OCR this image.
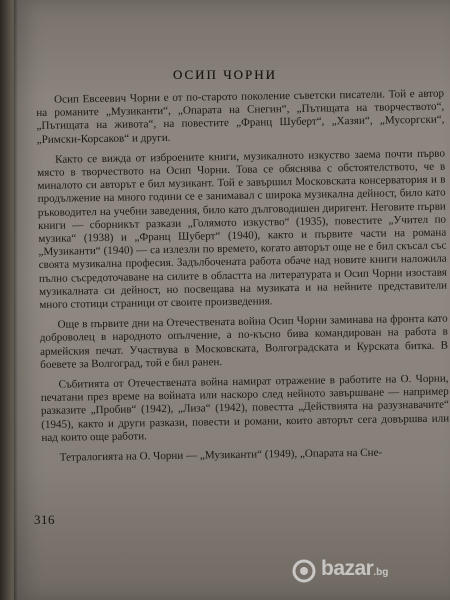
ОСИП ЧОРНИ

Осип Евсеевич Чорни е от по-старото поколение съветски писатели. Той е автор на романите „Музиканти“, „Опарата на Снегин“, „Пътищата на творчеството“, „Пътищата на живота“, на повестите „Франц Шуберт“, „Хазяи“, „Мусоргски“, „Римски-Корсаков“ и други.

Както се вижда от изброените книги, музикалното изкуство заема почти първо място в творчеството на Осип Чорни. Това се обяснява с обстоятелството, че в миналото си авторът е бил музикант. Той е завършил Московската консерватория и в продължение на много години се е занимавал с широка музикална дейност, било като ръководител на учебни заведения, било като дълговодишен диригент. Неговите първи книги — сборникът разкази „Голямото изкуство“ (1935), повестите „Учител по музика“ (1938) и „Франц Шуберт“ (1940), както и първите части на романа „Музиканти“ (1940) — са излезли по времето, когато авторът още не е бил скъсал със своята музикална професия. Задълбочената работа обаче над новите книги наложила пълно съсредоточаване на силите в областта на литературата и Осип Чорни изоставя музикалната си дейност, но посвещава на музиката и на нейните представители много стотици страници от своите произведения.

Още в първите дни на Отечествената война Осип Чорни заминава на фронта като доброволец в народното опълчение, а по-късно бива командирован на работа в армейския печат. Участвува в Московската, Волгоградската и Курската битка. В боевете за Волгоград, той е бил ранен.

Събитията от Отечествената война намират отражение в работите на О. Чорни, печатани през време на войната или наскоро след нейното завършване — например разказите „Пробив“ (1942), „Лиза“ (1942), повестта „Действията на разузнавачите“ (1945), както и други разкази, повести и романи, които авторът сега довършва или над които още работи.

Тетралогията на О. Чорни — „Музиканти“ (1949), „Опарата на Сне-

316

bazar.bg
